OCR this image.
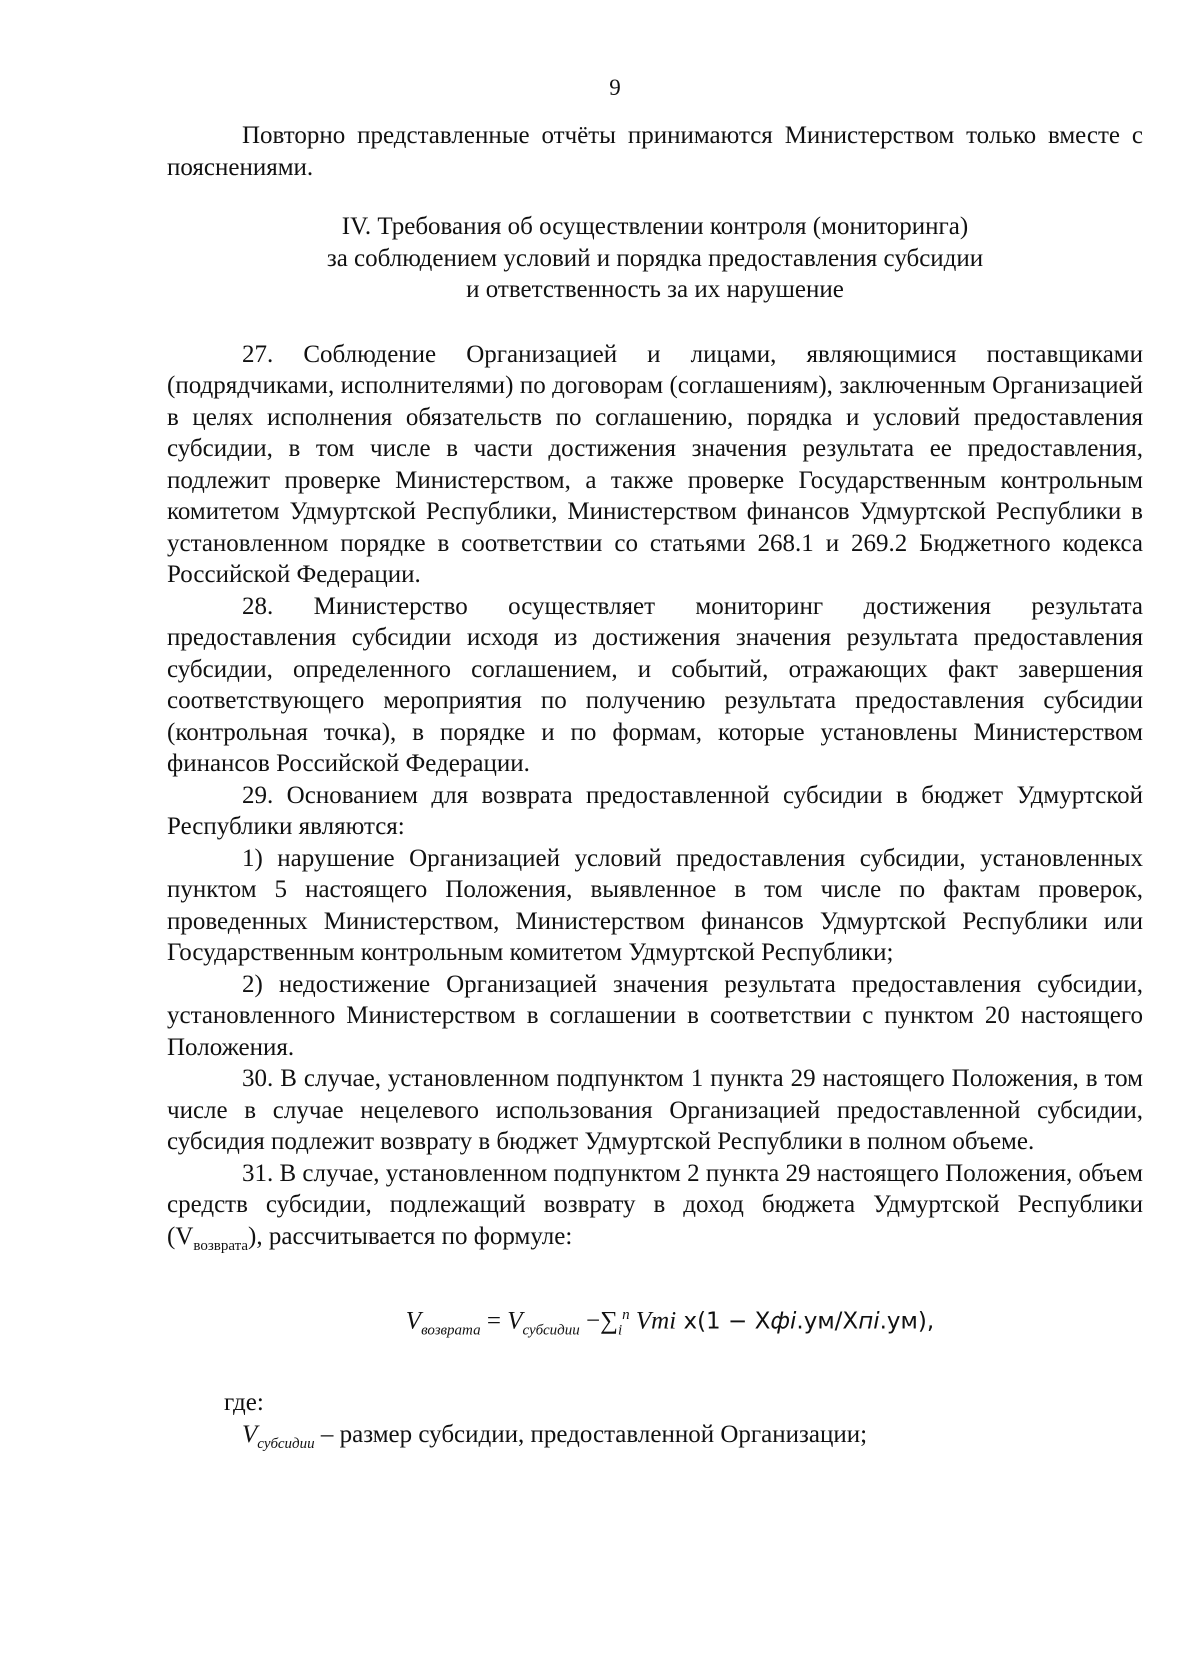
9

Повторно представленные отчёты принимаются Министерством только вместе с пояснениями.

IV. Требования об осуществлении контроля (мониторинга)
за соблюдением условий и порядка предоставления субсидии
и ответственность за их нарушение

27. Соблюдение Организацией и лицами, являющимися поставщиками (подрядчиками, исполнителями) по договорам (соглашениям), заключенным Организацией в целях исполнения обязательств по соглашению, порядка и условий предоставления субсидии, в том числе в части достижения значения результата ее предоставления, подлежит проверке Министерством, а также проверке Государственным контрольным комитетом Удмуртской Республики, Министерством финансов Удмуртской Республики в установленном порядке в соответствии со статьями 268.1 и 269.2 Бюджетного кодекса Российской Федерации.

28. Министерство осуществляет мониторинг достижения результата предоставления субсидии исходя из достижения значения результата предоставления субсидии, определенного соглашением, и событий, отражающих факт завершения соответствующего мероприятия по получению результата предоставления субсидии (контрольная точка), в порядке и по формам, которые установлены Министерством финансов Российской Федерации.

29. Основанием для возврата предоставленной субсидии в бюджет Удмуртской Республики являются:

1) нарушение Организацией условий предоставления субсидии, установленных пунктом 5 настоящего Положения, выявленное в том числе по фактам проверок, проведенных Министерством, Министерством финансов Удмуртской Республики или Государственным контрольным комитетом Удмуртской Республики;

2) недостижение Организацией значения результата предоставления субсидии, установленного Министерством в соглашении в соответствии с пунктом 20 настоящего Положения.

30. В случае, установленном подпунктом 1 пункта 29 настоящего Положения, в том числе в случае нецелевого использования Организацией предоставленной субсидии, субсидия подлежит возврату в бюджет Удмуртской Республики в полном объеме.

31. В случае, установленном подпунктом 2 пункта 29 настоящего Положения, объем средств субсидии, подлежащий возврату в доход бюджета Удмуртской Республики $(V_{возврата})$, рассчитывается по формуле:

$V_{возврата} = V_{субсидии} -\sum_i^n$ Vmi x(1 − Xфi.ум/Xпi.ум),

где:

$V_{субсидии}$ – размер субсидии, предоставленной Организации;
